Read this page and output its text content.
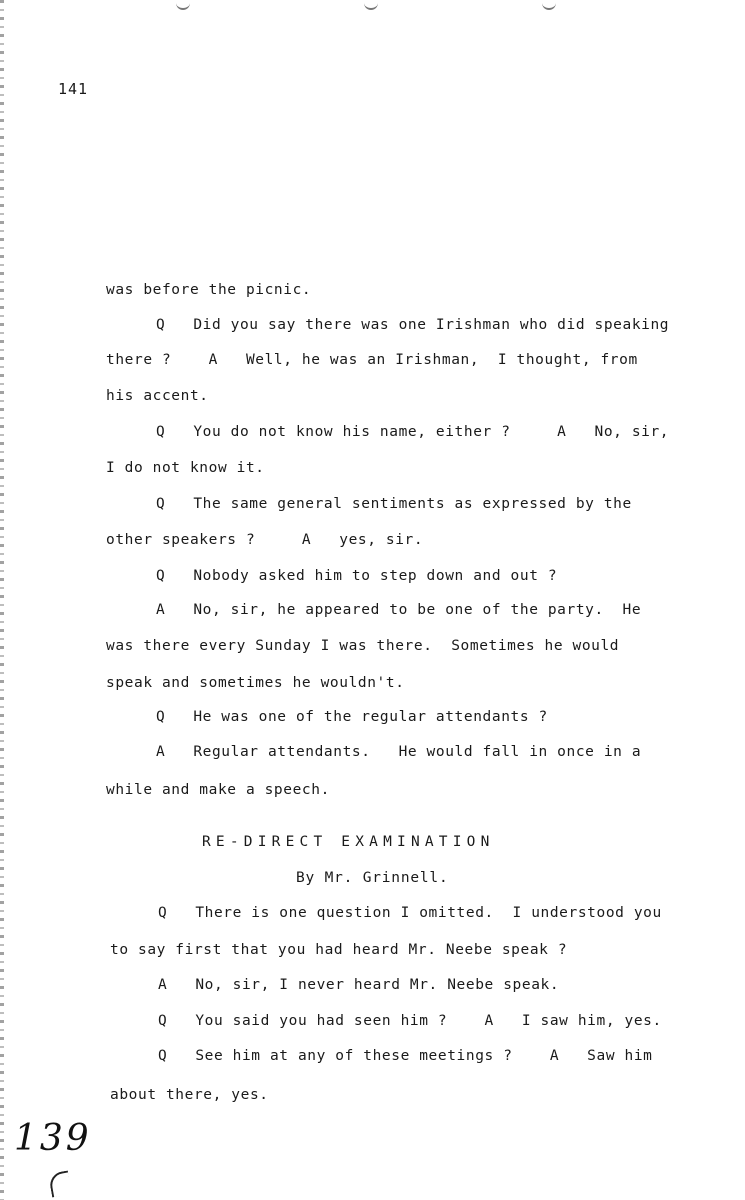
141
was before the picnic.
Q   Did you say there was one Irishman who did speaking
there ?    A   Well, he was an Irishman,  I thought, from
his accent.
Q   You do not know his name, either ?     A   No, sir,
I do not know it.
Q   The same general sentiments as expressed by the
other speakers ?     A   yes, sir.
Q   Nobody asked him to step down and out ?
A   No, sir, he appeared to be one of the party.  He
was there every Sunday I was there.  Sometimes he would
speak and sometimes he wouldn't.
Q   He was one of the regular attendants ?
A   Regular attendants.   He would fall in once in a
while and make a speech.
RE-DIRECT EXAMINATION
By Mr. Grinnell.
Q   There is one question I omitted.  I understood you
to say first that you had heard Mr. Neebe speak ?
A   No, sir, I never heard Mr. Neebe speak.
Q   You said you had seen him ?    A   I saw him, yes.
Q   See him at any of these meetings ?    A   Saw him
about there, yes.
139
